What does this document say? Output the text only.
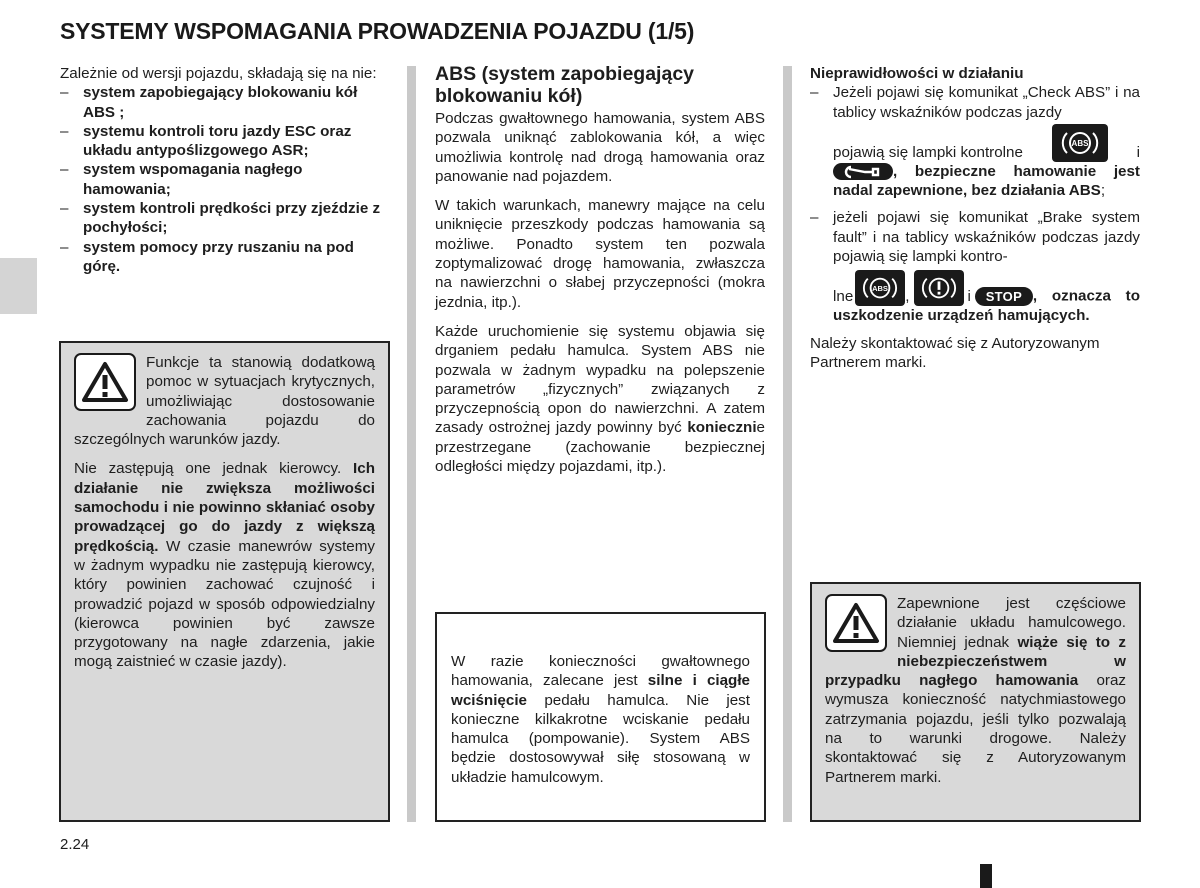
SYSTEMY WSPOMAGANIA PROWADZENIA POJAZDU (1/5)

Zależnie od wersji pojazdu, składają się na nie:

– system zapobiegający blokowaniu kół ABS ;
– systemu kontroli toru jazdy ESC oraz układu antypoślizgowego ASR;
– system wspomagania nagłego hamowania;
– system kontroli prędkości przy zjeździe z pochyłości;
– system pomocy przy ruszaniu na pod górę.

Funkcje ta stanowią dodatkową pomoc w sytuacjach krytycznych, umożliwiając dostosowanie zachowania pojazdu do szczególnych warunków jazdy.

Nie zastępują one jednak kierowcy. Ich działanie nie zwiększa możliwości samochodu i nie powinno skłaniać osoby prowadzącej go do jazdy z większą prędkością. W czasie manewrów systemy w żadnym wypadku nie zastępują kierowcy, który powinien zachować czujność i prowadzić pojazd w sposób odpowiedzialny (kierowca powinien być zawsze przygotowany na nagłe zdarzenia, jakie mogą zaistnieć w czasie jazdy).

ABS (system zapobiegający blokowaniu kół)

Podczas gwałtownego hamowania, system ABS pozwala uniknąć zablokowania kół, a więc umożliwia kontrolę nad drogą hamowania oraz panowanie nad pojazdem.

W takich warunkach, manewry mające na celu uniknięcie przeszkody podczas hamowania są możliwe. Ponadto system ten pozwala zoptymalizować drogę hamowania, zwłaszcza na nawierzchni o słabej przyczepności (mokra jezdnia, itp.).

Każde uruchomienie się systemu objawia się drganiem pedału hamulca. System ABS nie pozwala w żadnym wypadku na polepszenie parametrów „fizycznych” związanych z przyczepnością opon do nawierzchni. A zatem zasady ostrożnej jazdy powinny być koniecznie przestrzegane (zachowanie bezpiecznej odległości między pojazdami, itp.).

W razie konieczności gwałtownego hamowania, zalecane jest silne i ciągłe wciśnięcie pedału hamulca. Nie jest konieczne kilkakrotne wciskanie pedału hamulca (pompowanie). System ABS będzie dostosowywał siłę stosowaną w układzie hamulcowym.

Nieprawidłowości w działaniu
– Jeżeli pojawi się komunikat „Check ABS” i na tablicy wskaźników podczas jazdy

pojawią się lampki kontrolne
ABS
i
, bezpieczne hamowanie jest nadal zapewnione, bez działania ABS;
– jeżeli pojawi się komunikat „Brake system fault” i na tablicy wskaźników podczas jazdy pojawią się lampki kontro-

lne ABS ,	i	STOP , oznacza to uszkodzenie urządzeń hamujących.

Należy skontaktować się z Autoryzowanym Partnerem marki.

Zapewnione jest częściowe działanie układu hamulcowego. Niemniej jednak wiąże się to z niebezpieczeństwem w przypadku nagłego hamowania oraz wymusza konieczność natychmiastowego zatrzymania pojazdu, jeśli tylko pozwalają na to warunki drogowe. Należy skontaktować się z Autoryzowanym Partnerem marki.

2.24
